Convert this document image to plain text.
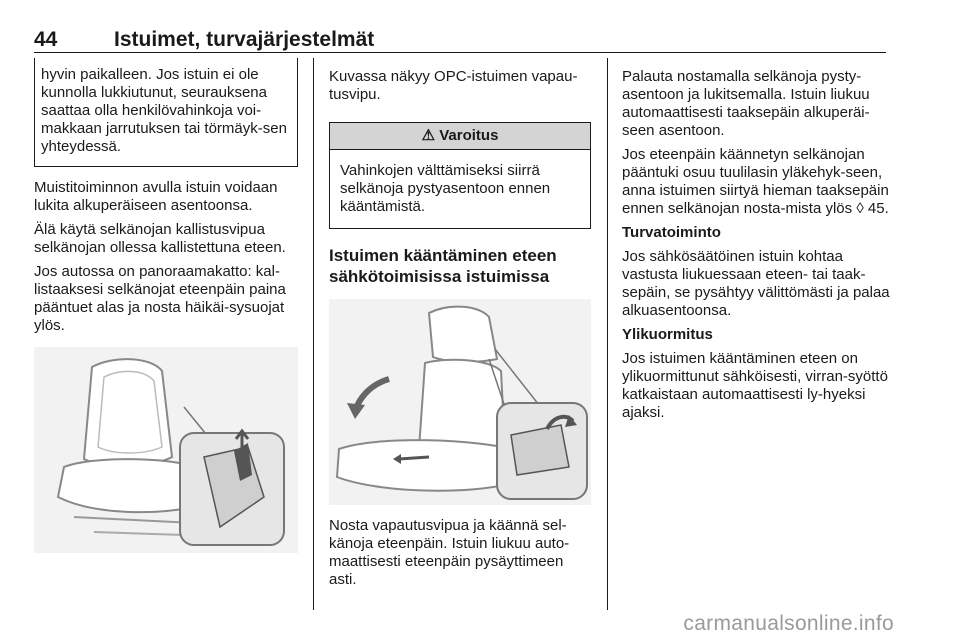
44	Istuimet, turvajärjestelmät

hyvin paikalleen. Jos istuin ei ole kunnolla lukkiutunut, seurauksena saattaa olla henkilövahinkoja voi-makkaan jarrutuksen tai törmäyk-sen yhteydessä.

Muistitoiminnon avulla istuin voidaan lukita alkuperäiseen asentoonsa.

Älä käytä selkänojan kallistusvipua selkänojan ollessa kallistettuna eteen.

Jos autossa on panoraamakatto: kal-listaaksesi selkänojat eteenpäin paina pääntuet alas ja nosta häikäi-sysuojat ylös.

Kuvassa näkyy OPC-istuimen vapau-tusvipu.

⚠ Varoitus
Vahinkojen välttämiseksi siirrä selkänoja pystyasentoon ennen kääntämistä.
Istuimen kääntäminen eteen sähkötoimisissa istuimissa

Nosta vapautusvipua ja käännä sel-känoja eteenpäin. Istuin liukuu auto-maattisesti eteenpäin pysäyttimeen asti.

Palauta nostamalla selkänoja pysty-asentoon ja lukitsemalla. Istuin liukuu automaattisesti taaksepäin alkuperäi-seen asentoon.

Jos eteenpäin käännetyn selkänojan pääntuki osuu tuulilasin yläkehyk-seen, anna istuimen siirtyä hieman taaksepäin ennen selkänojan nosta-mista ylös ◊ 45.

Turvatoiminto

Jos sähkösäätöinen istuin kohtaa vastusta liukuessaan eteen- tai taak-sepäin, se pysähtyy välittömästi ja palaa alkuasentoonsa.

Ylikuormitus

Jos istuimen kääntäminen eteen on ylikuormittunut sähköisesti, virran-syöttö katkaistaan automaattisesti ly-hyeksi ajaksi.

carmanualsonline.info
